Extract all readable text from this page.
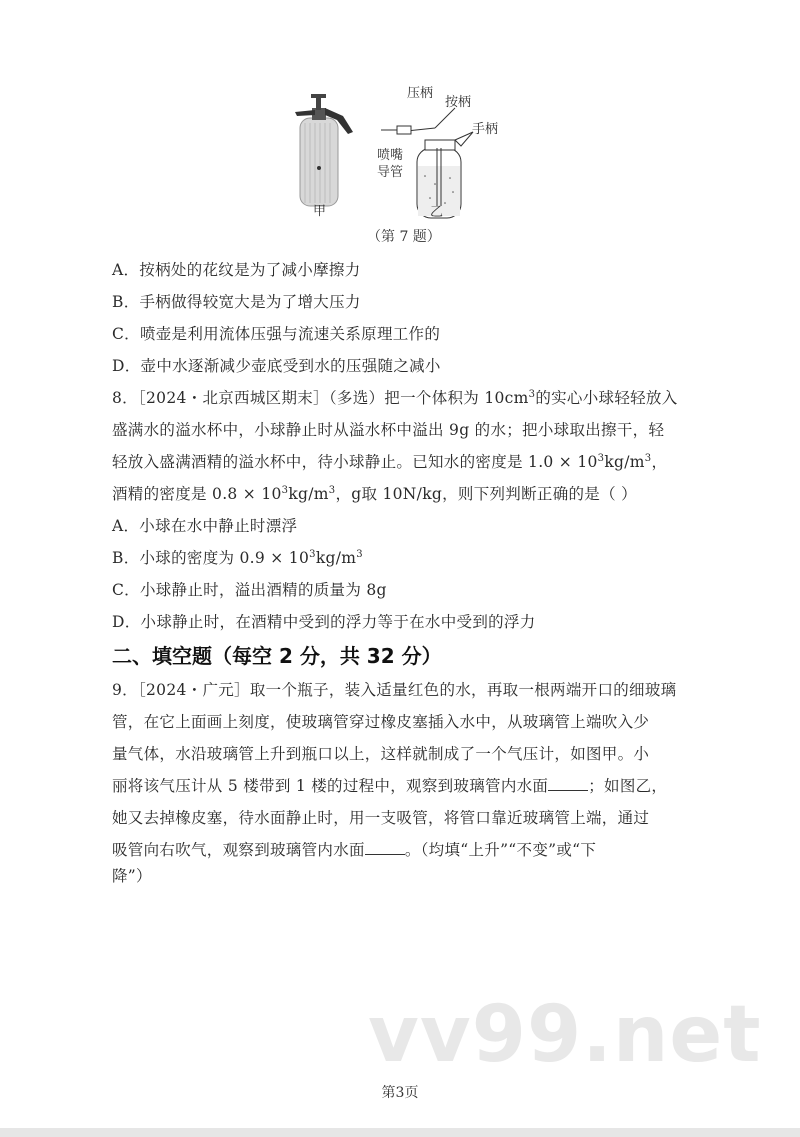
压柄
按柄
手柄
喷嘴
导管
甲	乙
（第 7 题）
A．按柄处的花纹是为了减小摩擦力
B．手柄做得较宽大是为了增大压力
C．喷壶是利用流体压强与流速关系原理工作的
D．壶中水逐渐减少壶底受到水的压强随之减小
8．［2024・北京西城区期末］（多选）把一个体积为 $10cm^3$的实心小球轻轻放入
盛满水的溢水杯中，小球静止时从溢水杯中溢出 9g 的水；把小球取出擦干，轻
轻放入盛满酒精的溢水杯中，待小球静止。已知水的密度是 $1.0 \times 10^3kg/m^3$，
酒精的密度是 $0.8 \times 10^3kg/m^3$，g取 10N/kg，则下列判断正确的是（ ）
A．小球在水中静止时漂浮
B．小球的密度为 $0.9 \times 10^3kg/m^3$
C．小球静止时，溢出酒精的质量为 8g
D．小球静止时，在酒精中受到的浮力等于在水中受到的浮力
二、填空题（每空 2 分，共 32 分）
9．［2024・广元］取一个瓶子，装入适量红色的水，再取一根两端开口的细玻璃
管，在它上面画上刻度，使玻璃管穿过橡皮塞插入水中，从玻璃管上端吹入少
量气体，水沿玻璃管上升到瓶口以上，这样就制成了一个气压计，如图甲。小
丽将该气压计从 5 楼带到 1 楼的过程中，观察到玻璃管内水面	；如图乙，
她又去掉橡皮塞，待水面静止时，用一支吸管，将管口靠近玻璃管上端，通过
吸管向右吹气，观察到玻璃管内水面	。（均填“上升”“不变”或“下
降”）
vv99.net
第3页
